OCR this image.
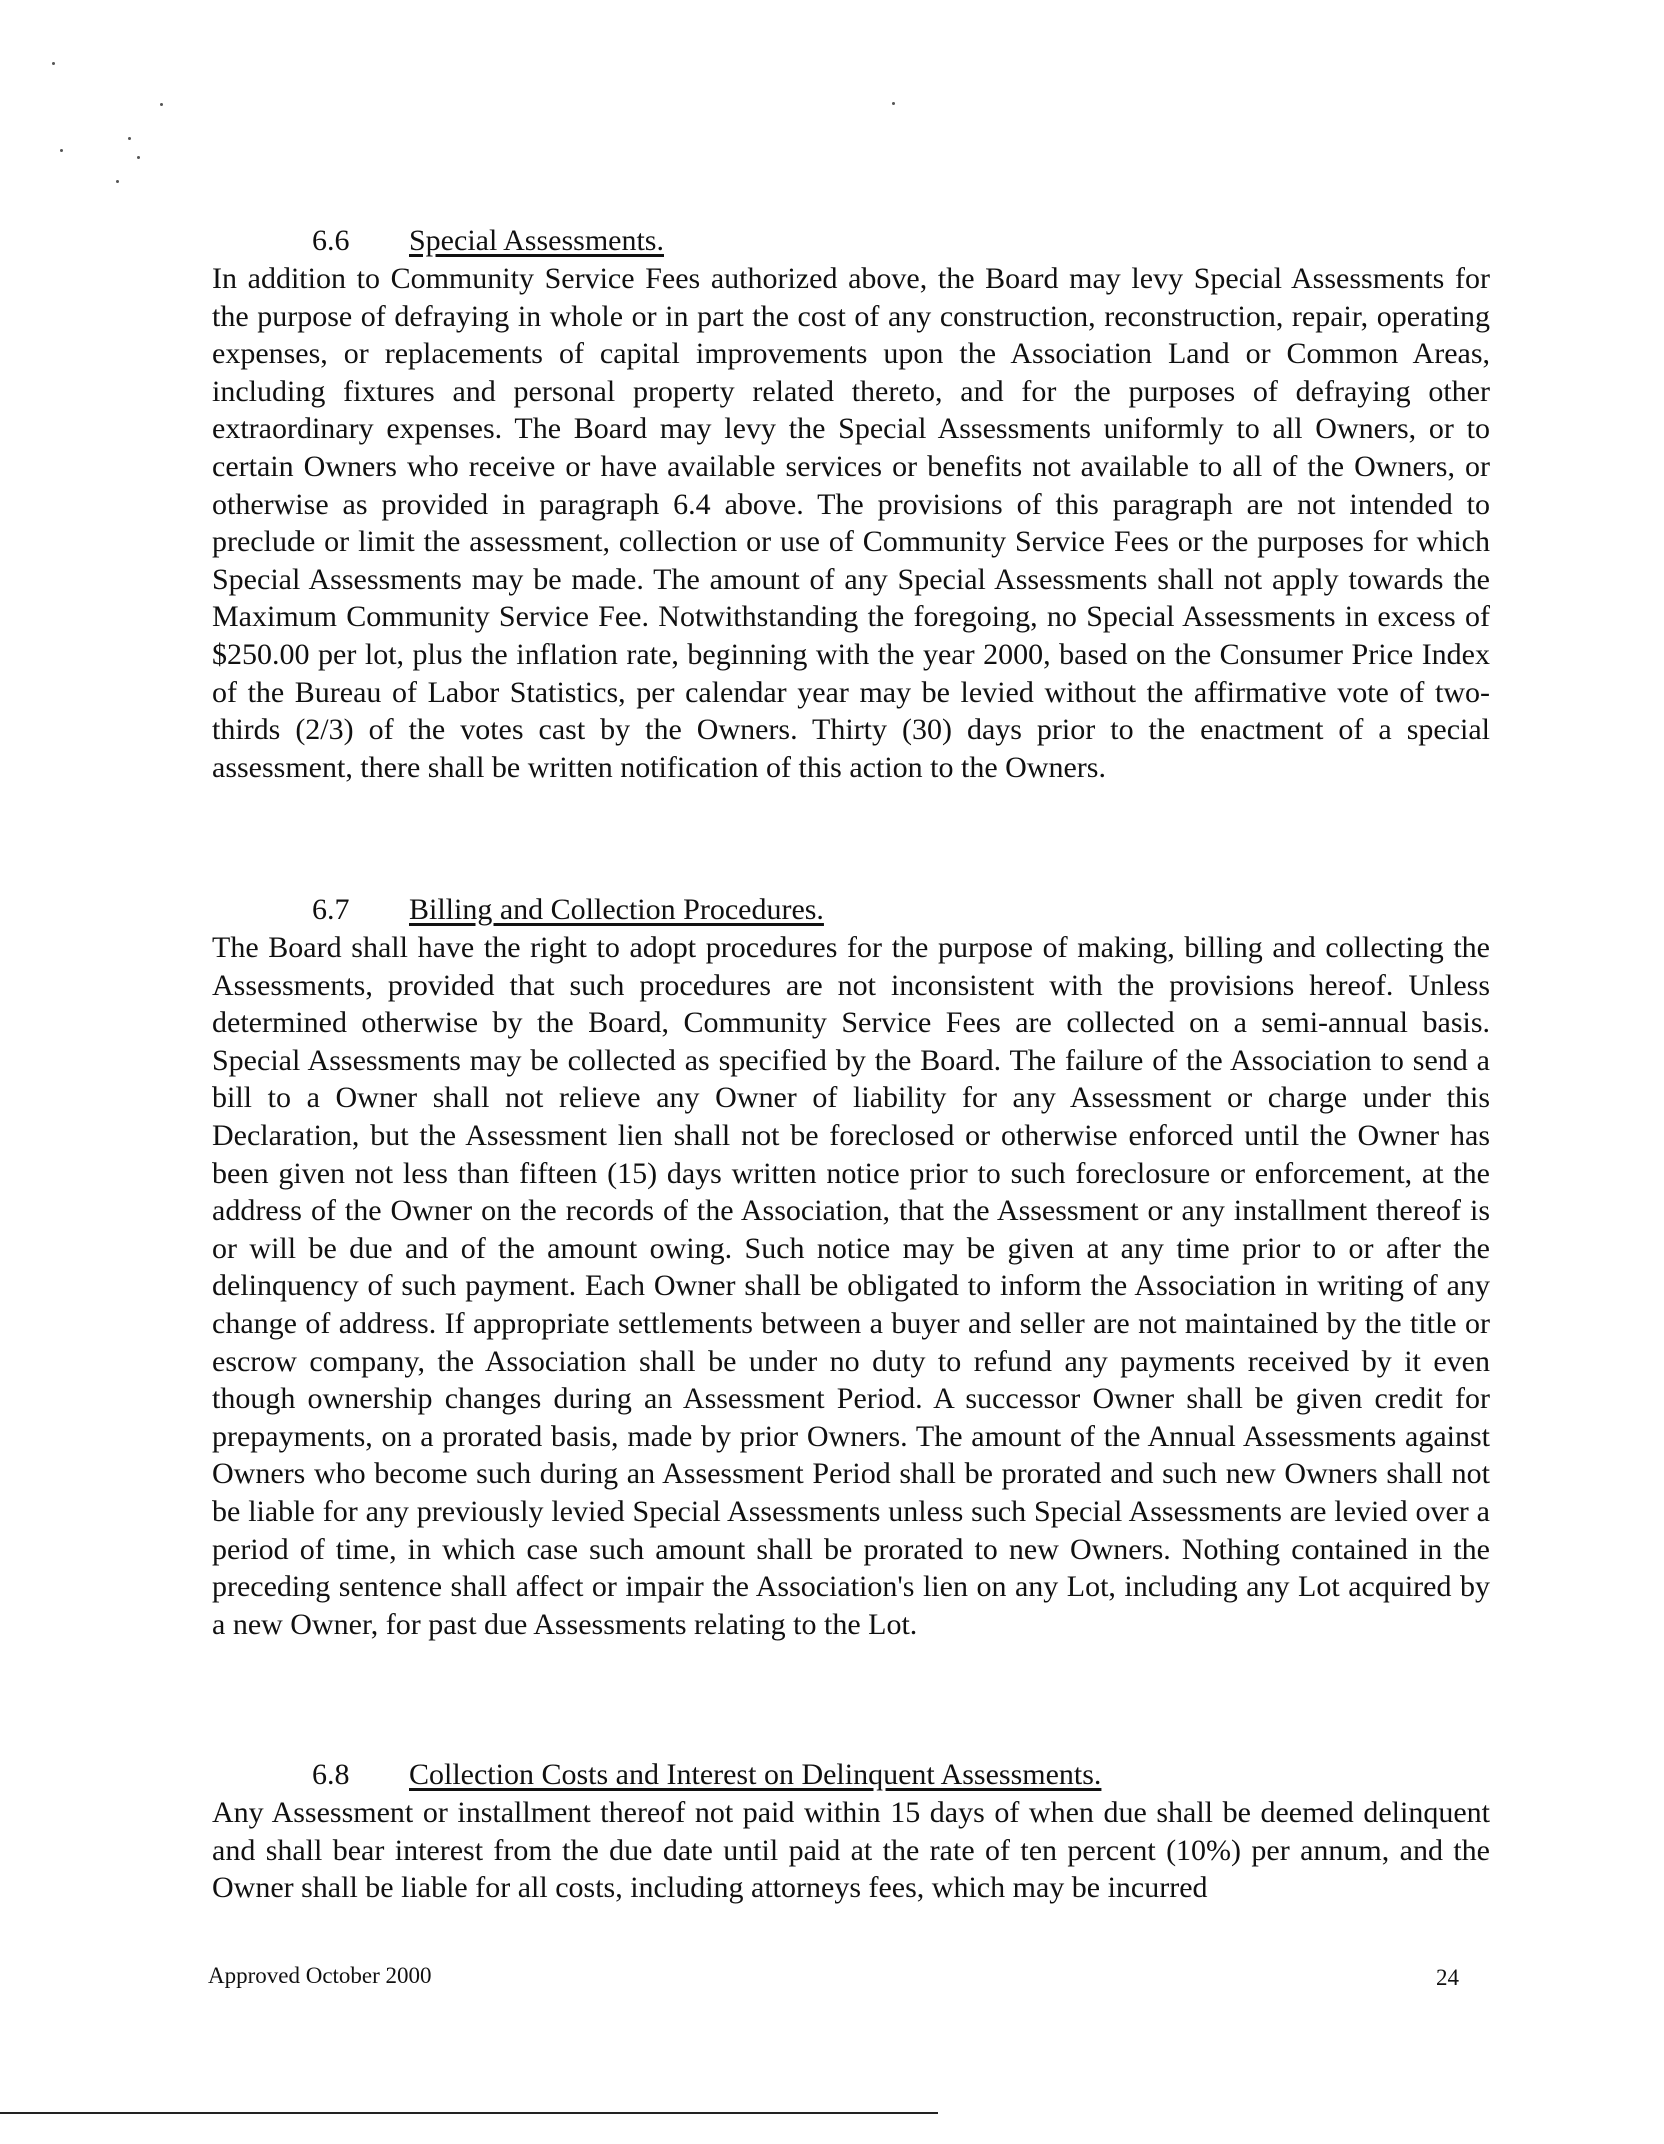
6.6 Special Assessments.

In addition to Community Service Fees authorized above, the Board may levy Special Assessments for the purpose of defraying in whole or in part the cost of any construction, reconstruction, repair, operating expenses, or replacements of capital improvements upon the Association Land or Common Areas, including fixtures and personal property related thereto, and for the purposes of defraying other extraordinary expenses. The Board may levy the Special Assessments uniformly to all Owners, or to certain Owners who receive or have available services or benefits not available to all of the Owners, or otherwise as provided in paragraph 6.4 above. The provisions of this paragraph are not intended to preclude or limit the assessment, collection or use of Community Service Fees or the purposes for which Special Assessments may be made. The amount of any Special Assessments shall not apply towards the Maximum Community Service Fee. Notwithstanding the foregoing, no Special Assessments in excess of $250.00 per lot, plus the inflation rate, beginning with the year 2000, based on the Consumer Price Index of the Bureau of Labor Statistics, per calendar year may be levied without the affirmative vote of two-thirds (2/3) of the votes cast by the Owners. Thirty (30) days prior to the enactment of a special assessment, there shall be written notification of this action to the Owners.

6.7 Billing and Collection Procedures.

The Board shall have the right to adopt procedures for the purpose of making, billing and collecting the Assessments, provided that such procedures are not inconsistent with the provisions hereof. Unless determined otherwise by the Board, Community Service Fees are collected on a semi-annual basis. Special Assessments may be collected as specified by the Board. The failure of the Association to send a bill to a Owner shall not relieve any Owner of liability for any Assessment or charge under this Declaration, but the Assessment lien shall not be foreclosed or otherwise enforced until the Owner has been given not less than fifteen (15) days written notice prior to such foreclosure or enforcement, at the address of the Owner on the records of the Association, that the Assessment or any installment thereof is or will be due and of the amount owing. Such notice may be given at any time prior to or after the delinquency of such payment. Each Owner shall be obligated to inform the Association in writing of any change of address. If appropriate settlements between a buyer and seller are not maintained by the title or escrow company, the Association shall be under no duty to refund any payments received by it even though ownership changes during an Assessment Period. A successor Owner shall be given credit for prepayments, on a prorated basis, made by prior Owners. The amount of the Annual Assessments against Owners who become such during an Assessment Period shall be prorated and such new Owners shall not be liable for any previously levied Special Assessments unless such Special Assessments are levied over a period of time, in which case such amount shall be prorated to new Owners. Nothing contained in the preceding sentence shall affect or impair the Association's lien on any Lot, including any Lot acquired by a new Owner, for past due Assessments relating to the Lot.

6.8 Collection Costs and Interest on Delinquent Assessments.

Any Assessment or installment thereof not paid within 15 days of when due shall be deemed delinquent and shall bear interest from the due date until paid at the rate of ten percent (10%) per annum, and the Owner shall be liable for all costs, including attorneys fees, which may be incurred

Approved October 2000	24
